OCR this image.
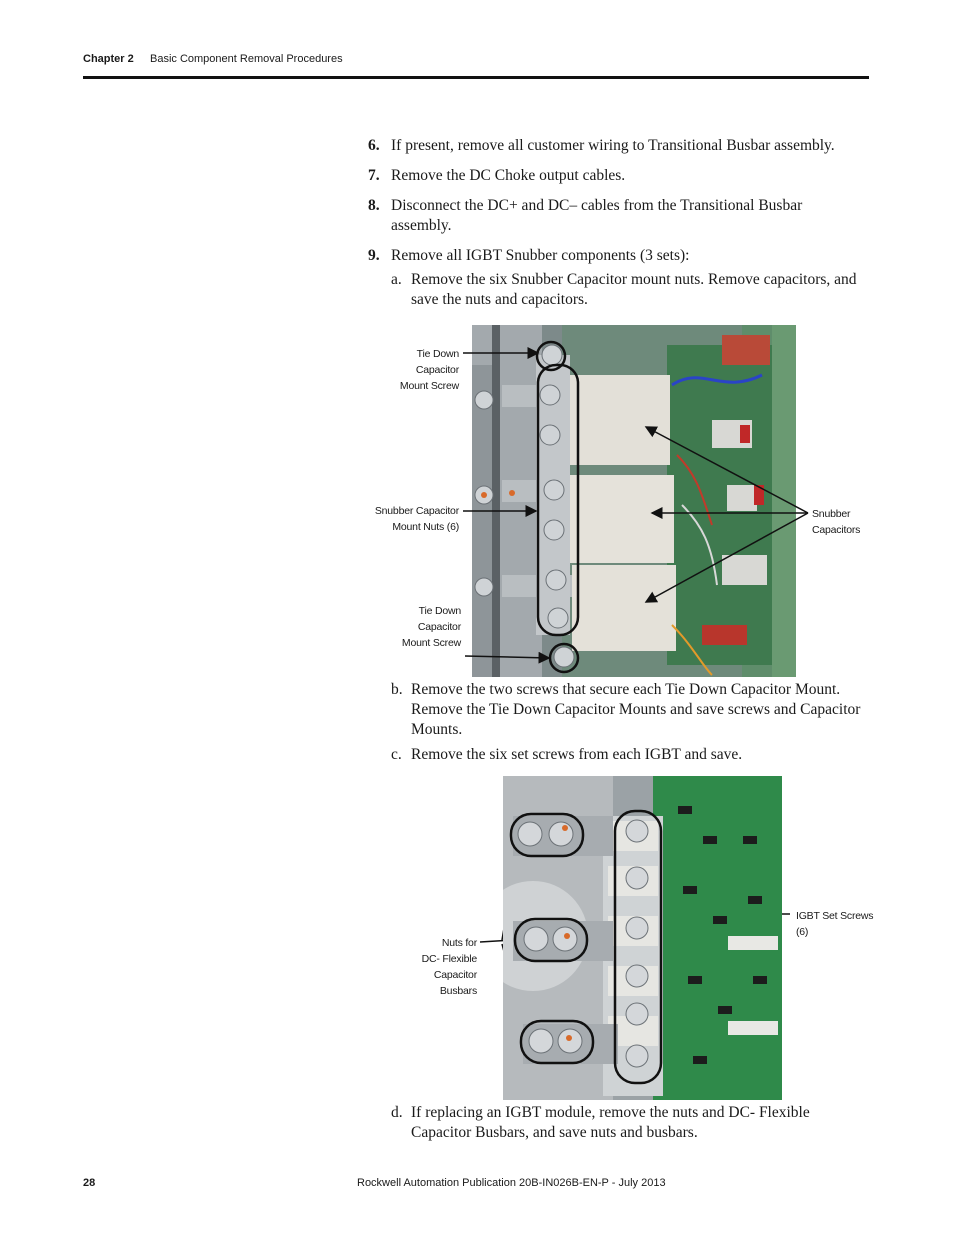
Chapter 2 Basic Component Removal Procedures
6. If present, remove all customer wiring to Transitional Busbar assembly.
7. Remove the DC Choke output cables.
8. Disconnect the DC+ and DC– cables from the Transitional Busbar assembly.
9. Remove all IGBT Snubber components (3 sets):
a. Remove the six Snubber Capacitor mount nuts. Remove capacitors, and save the nuts and capacitors.
Tie Down
Capacitor
Mount Screw
Snubber Capacitor
Mount Nuts (6)
Tie Down
Capacitor
Mount Screw
Snubber
Capacitors
b. Remove the two screws that secure each Tie Down Capacitor Mount. Remove the Tie Down Capacitor Mounts and save screws and Capacitor Mounts.
c. Remove the six set screws from each IGBT and save.
Nuts for
DC- Flexible
Capacitor
Busbars
IGBT Set Screws
(6)
d. If replacing an IGBT module, remove the nuts and DC- Flexible Capacitor Busbars, and save nuts and busbars.
28	Rockwell Automation Publication 20B-IN026B-EN-P - July 2013
